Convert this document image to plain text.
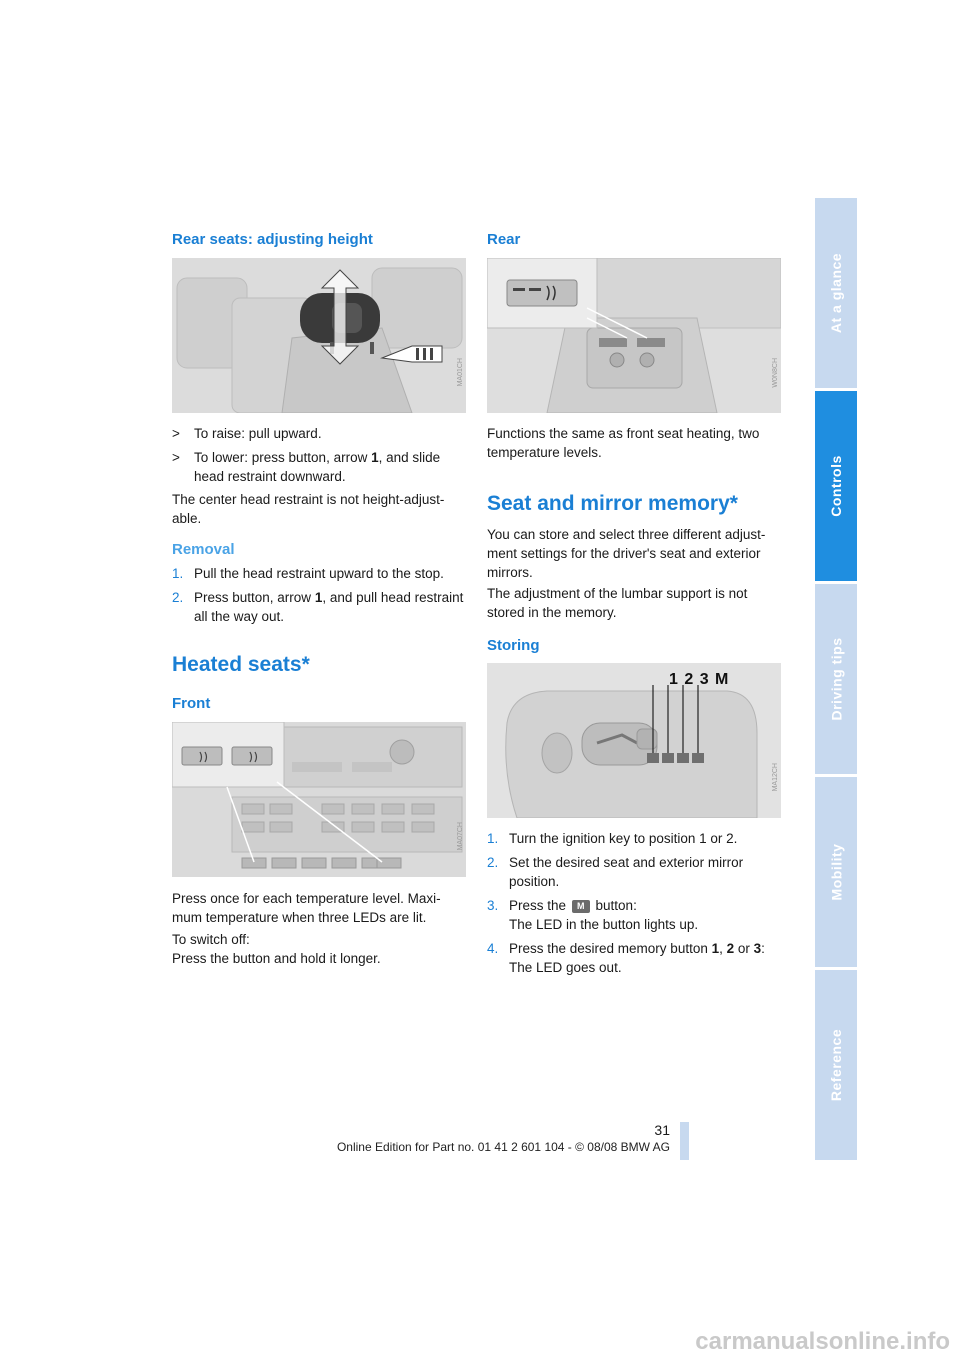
At a glance
Controls
Driving tips
Mobility
Reference
Rear seats: adjusting height
MA01CH
>	To raise: pull upward.
>	To lower: press button, arrow 1, and slide head restraint downward.

The center head restraint is not height-adjust-able.

Removal
1. Pull the head restraint upward to the stop.
2. Press button, arrow 1, and pull head restraint all the way out.
Heated seats*
Front
MA07CH

Press once for each temperature level. Maxi-mum temperature when three LEDs are lit.

To switch off:
Press the button and hold it longer.

Rear
W0N8CH

Functions the same as front seat heating, two temperature levels.

Seat and mirror memory*

You can store and select three different adjust-ment settings for the driver's seat and exterior mirrors.

The adjustment of the lumbar support is not stored in the memory.

Storing
1 2 3 M
MA12CH
1. Turn the ignition key to position 1 or 2.
2. Set the desired seat and exterior mirror position.
3. Press the M button:
The LED in the button lights up.
4. Press the desired memory button 1, 2 or 3:
The LED goes out.
31
Online Edition for Part no. 01 41 2 601 104 - © 08/08 BMW AG
carmanualsonline.info
